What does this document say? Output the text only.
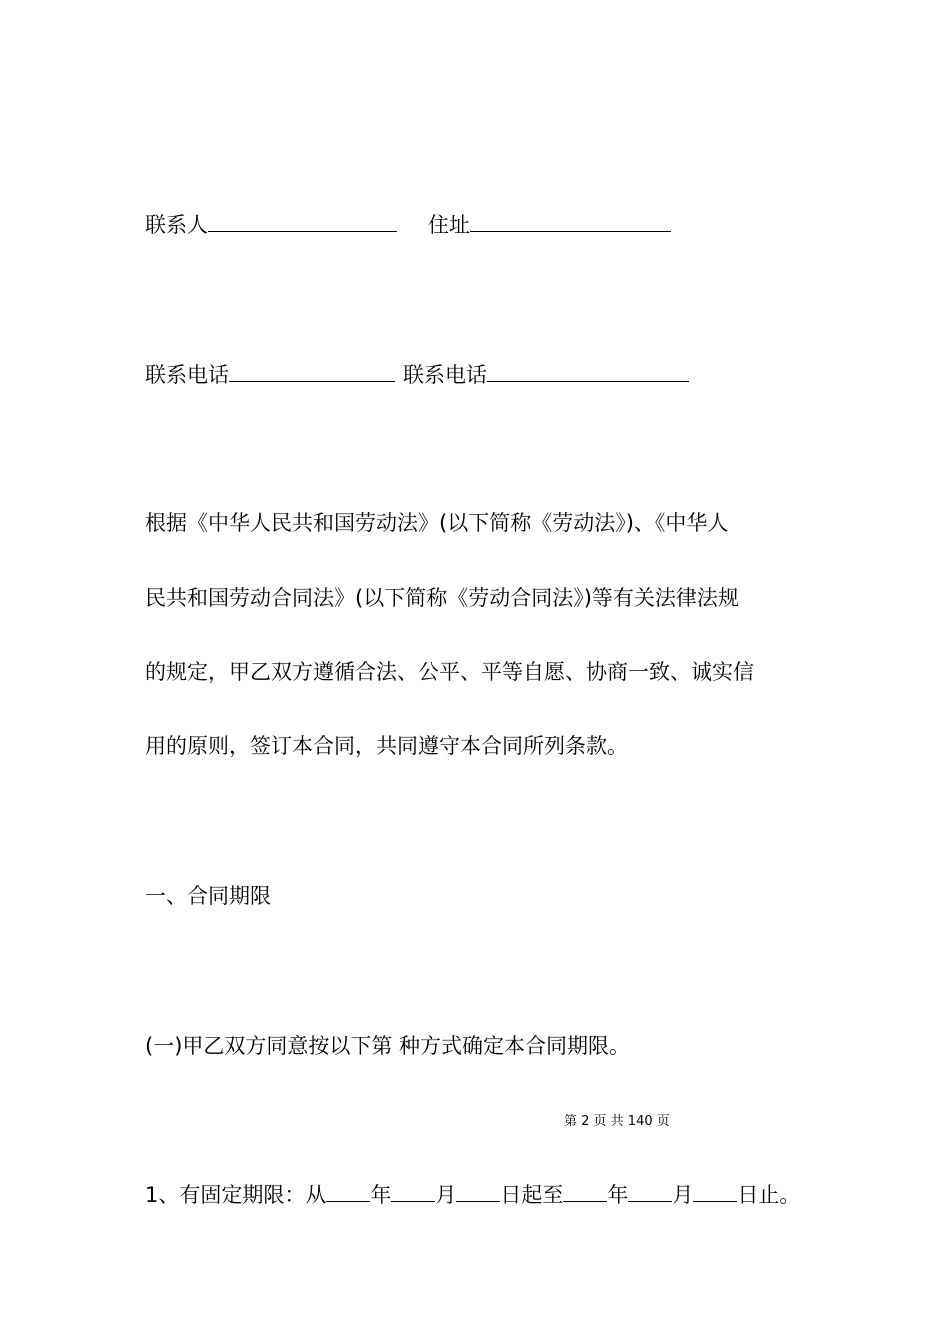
联系人	住址
联系电话	联系电话
根据《中华人民共和国劳动法》(以下简称《劳动法》)、《中华人
民共和国劳动合同法》(以下简称《劳动合同法》)等有关法律法规
的规定，甲乙双方遵循合法、公平、平等自愿、协商一致、诚实信
用的原则，签订本合同，共同遵守本合同所列条款。
一、合同期限
(一)甲乙双方同意按以下第 种方式确定本合同期限。
第 2 页 共 140 页
1、有固定期限：从 年 月 日起至 年 月 日止。
